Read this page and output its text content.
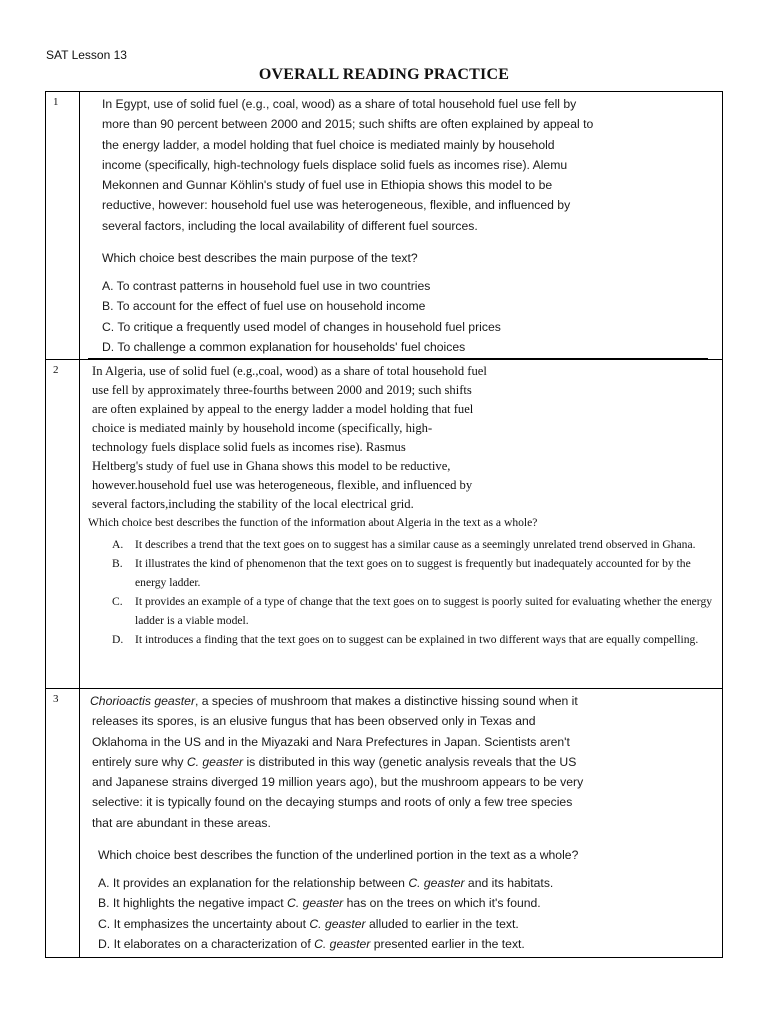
SAT Lesson 13
OVERALL READING PRACTICE
1	In Egypt, use of solid fuel (e.g., coal, wood) as a share of total household fuel use fell by
more than 90 percent between 2000 and 2015; such shifts are often explained by appeal to
the energy ladder, a model holding that fuel choice is mediated mainly by household
income (specifically, high-technology fuels displace solid fuels as incomes rise). Alemu
Mekonnen and Gunnar Köhlin's study of fuel use in Ethiopia shows this model to be
reductive, however: household fuel use was heterogeneous, flexible, and influenced by
several factors, including the local availability of different fuel sources.
Which choice best describes the main purpose of the text?
A. To contrast patterns in household fuel use in two countries
B. To account for the effect of fuel use on household income
C. To critique a frequently used model of changes in household fuel prices
D. To challenge a common explanation for households' fuel choices
2	In Algeria, use of solid fuel (e.g.,coal, wood) as a share of total household fuel
use fell by approximately three-fourths between 2000 and 2019; such shifts
are often explained by appeal to the energy ladder a model holding that fuel
choice is mediated mainly by household income (specifically, high-
technology fuels displace solid fuels as incomes rise). Rasmus
Heltberg's study of fuel use in Ghana shows this model to be reductive,
however.household fuel use was heterogeneous, flexible, and influenced by
several factors,including the stability of the local electrical grid.
Which choice best describes the function of the information about Algeria in the text as a whole?
A.	It describes a trend that the text goes on to suggest has a similar cause as a seemingly unrelated trend observed in Ghana.
B.	It illustrates the kind of phenomenon that the text goes on to suggest is frequently but inadequately accounted for by the energy ladder.
C.	It provides an example of a type of change that the text goes on to suggest is poorly suited for evaluating whether the energy ladder is a viable model.
D.	It introduces a finding that the text goes on to suggest can be explained in two different ways that are equally compelling.
3	Chorioactis geaster, a species of mushroom that makes a distinctive hissing sound when it
releases its spores, is an elusive fungus that has been observed only in Texas and
Oklahoma in the US and in the Miyazaki and Nara Prefectures in Japan. Scientists aren't
entirely sure why C. geaster is distributed in this way (genetic analysis reveals that the US
and Japanese strains diverged 19 million years ago), but the mushroom appears to be very
selective: it is typically found on the decaying stumps and roots of only a few tree species
that are abundant in these areas.
Which choice best describes the function of the underlined portion in the text as a whole?
A. It provides an explanation for the relationship between C. geaster and its habitats.
B. It highlights the negative impact C. geaster has on the trees on which it's found.
C. It emphasizes the uncertainty about C. geaster alluded to earlier in the text.
D. It elaborates on a characterization of C. geaster presented earlier in the text.
